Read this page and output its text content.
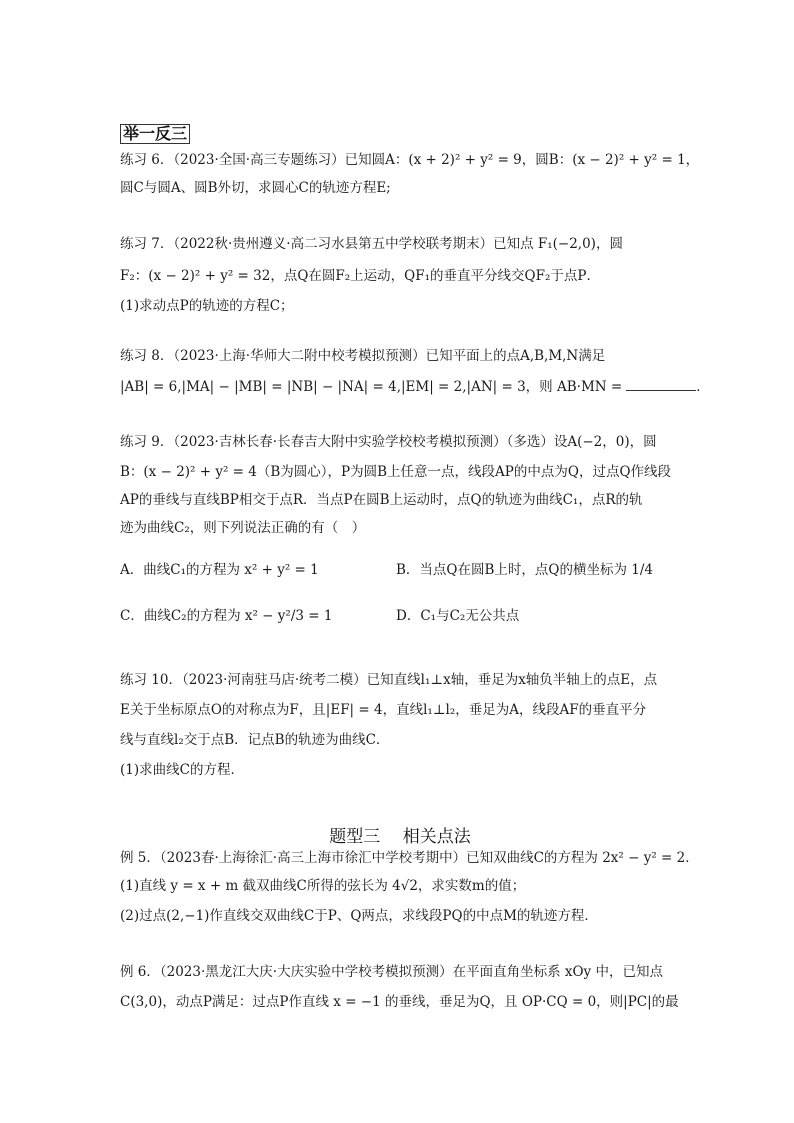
举一反三
练习 6．（2023·全国·高三专题练习）已知圆A：(x + 2)² + y² = 9，圆B：(x − 2)² + y² = 1，
圆C与圆A、圆B外切，求圆心C的轨迹方程E;
练习 7．（2022秋·贵州遵义·高二习水县第五中学校联考期末）已知点 F₁(−2,0)，圆
F₂：(x − 2)² + y² = 32，点Q在圆F₂上运动，QF₁的垂直平分线交QF₂于点P．
(1)求动点P的轨迹的方程C；
练习 8．（2023·上海·华师大二附中校考模拟预测）已知平面上的点A,B,M,N满足
|AB| = 6,|MA| − |MB| = |NB| − |NA| = 4,|EM| = 2,|AN| = 3，则 AB·MN =	．
练习 9．（2023·吉林长春·长春吉大附中实验学校校考模拟预测）（多选）设A(−2，0)，圆
B：(x − 2)² + y² = 4（B为圆心），P为圆B上任意一点，线段AP的中点为Q，过点Q作线段
AP的垂线与直线BP相交于点R．当点P在圆B上运动时，点Q的轨迹为曲线C₁，点R的轨
迹为曲线C₂，则下列说法正确的有（　）
A．曲线C₁的方程为 x² + y² = 1	B．当点Q在圆B上时，点Q的横坐标为 1/4
C．曲线C₂的方程为 x² − y²/3 = 1	D．C₁与C₂无公共点
练习 10．（2023·河南驻马店·统考二模）已知直线l₁⊥x轴，垂足为x轴负半轴上的点E，点
E关于坐标原点O的对称点为F，且|EF| = 4，直线l₁⊥l₂，垂足为A，线段AF的垂直平分
线与直线l₂交于点B．记点B的轨迹为曲线C．
(1)求曲线C的方程．
题型三　 相关点法
例 5．（2023春·上海徐汇·高三上海市徐汇中学校考期中）已知双曲线C的方程为 2x² − y² = 2．
(1)直线 y = x + m 截双曲线C所得的弦长为 4√2，求实数m的值；
(2)过点(2,−1)作直线交双曲线C于P、Q两点，求线段PQ的中点M的轨迹方程．
例 6．（2023·黑龙江大庆·大庆实验中学校考模拟预测）在平面直角坐标系 xOy 中，已知点
C(3,0)，动点P满足：过点P作直线 x = −1 的垂线，垂足为Q，且 OP·CQ = 0，则|PC|的最
